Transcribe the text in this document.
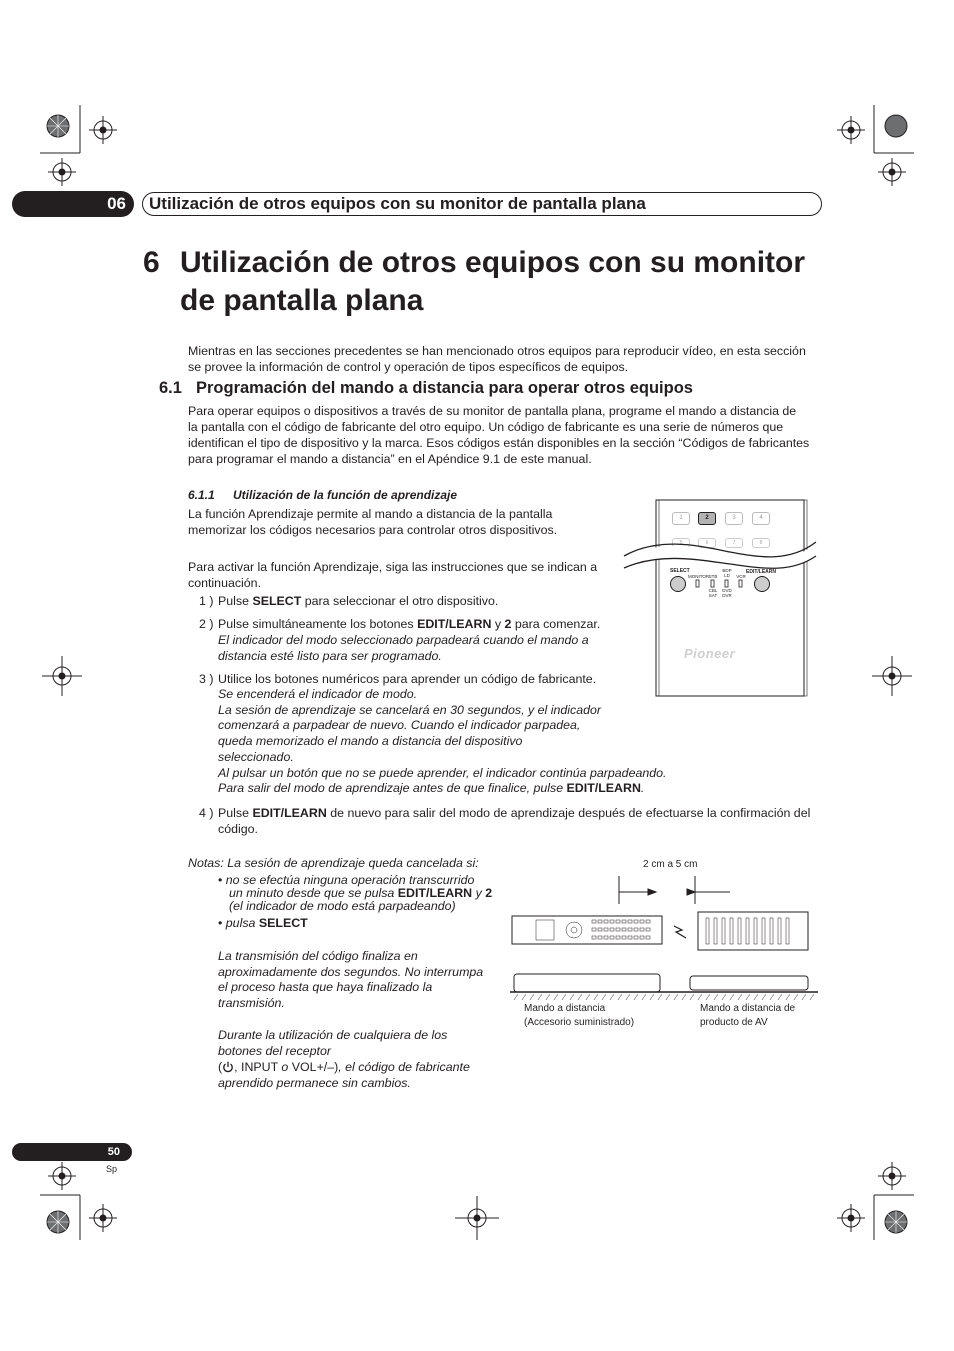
06	Utilización de otros equipos con su monitor de pantalla plana
6 Utilización de otros equipos con su monitor
de pantalla plana
Mientras en las secciones precedentes se han mencionado otros equipos para reproducir vídeo, en esta sección
se provee la información de control y operación de tipos específicos de equipos.
6.1 Programación del mando a distancia para operar otros equipos
Para operar equipos o dispositivos a través de su monitor de pantalla plana, programe el mando a distancia de
la pantalla con el código de fabricante del otro equipo. Un código de fabricante es una serie de números que
identifican el tipo de dispositivo y la marca. Esos códigos están disponibles en la sección “Códigos de fabricantes
para programar el mando a distancia” en el Apéndice 9.1 de este manual.
6.1.1 Utilización de la función de aprendizaje
La función Aprendizaje permite al mando a distancia de la pantalla
memorizar los códigos necesarios para controlar otros dispositivos.
Para activar la función Aprendizaje, siga las instrucciones que se indican a
continuación.
1 ) Pulse SELECT para seleccionar el otro dispositivo.
2 ) Pulse simultáneamente los botones EDIT/LEARN y 2 para comenzar.
El indicador del modo seleccionado parpadeará cuando el mando a
distancia esté listo para ser programado.
3 ) Utilice los botones numéricos para aprender un código de fabricante.
Se encenderá el indicador de modo.
La sesión de aprendizaje se cancelará en 30 segundos, y el indicador
comenzará a parpadear de nuevo. Cuando el indicador parpadea,
queda memorizado el mando a distancia del dispositivo
seleccionado.
Al pulsar un botón que no se puede aprender, el indicador continúa parpadeando.
Para salir del modo de aprendizaje antes de que finalice, pulse EDIT/LEARN.
4 ) Pulse EDIT/LEARN de nuevo para salir del modo de aprendizaje después de efectuarse la confirmación del
código.
Notas: La sesión de aprendizaje queda cancelada si:
• no se efectúa ninguna operación transcurrido
un minuto desde que se pulsa EDIT/LEARN y 2
(el indicador de modo está parpadeando)
• pulsa SELECT
La transmisión del código finaliza en
aproximadamente dos segundos. No interrumpa
el proceso hasta que haya finalizado la
transmisión.
Durante la utilización de cualquiera de los
botones del receptor
( , INPUT o VOL+/–), el código de fabricante
aprendido permanece sin cambios.
1	2	3	4
5	6	7	8
SELECT	EDIT/LEARN
MONITOR STB
BDP
LD	VCR
CBL
SAT
DVD
DVR
Pioneer
2 cm a 5 cm
Mando a distancia
(Accesorio suministrado)
Mando a distancia de
producto de AV
50
Sp
